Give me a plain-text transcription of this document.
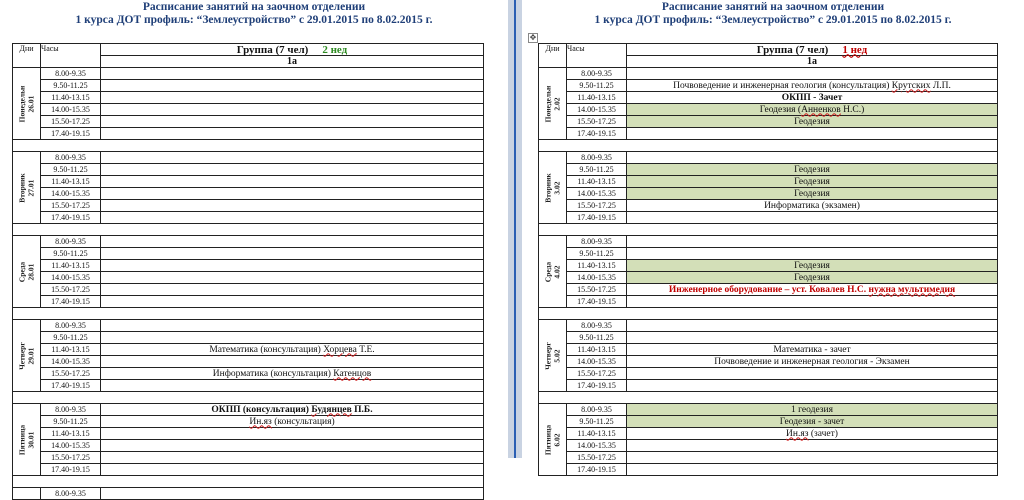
Расписание занятий на заочном отделении
1 курса ДОТ профиль: “Землеустройство” с 29.01.2015 по 8.02.2015 г.
Дни	Часы	Группа (7 чел) 2 нед
		1а

Понедельн 26.01	8.00-9.35	
	9.50-11.25	
	11.40-13.15	
	14.00-15.35	
	15.50-17.25	
	17.40-19.15	

Вторник 27.01	8.00-9.35	
	9.50-11.25	
	11.40-13.15	
	14.00-15.35	
	15.50-17.25	
	17.40-19.15	

Среда 28.01	8.00-9.35	
	9.50-11.25	
	11.40-13.15	
	14.00-15.35	
	15.50-17.25	
	17.40-19.15	

Четверг 29.01	8.00-9.35	
	9.50-11.25	
	11.40-13.15	Математика (консультация) Хорцева Т.Е.
	14.00-15.35	
	15.50-17.25	Информатика (консультация) Катенцов
	17.40-19.15	

Пятница 30.01	8.00-9.35	ОКПП (консультация) Будянцев П.Б.
	9.50-11.25	Ин.яз (консультация)
	11.40-13.15	
	14.00-15.35	
	15.50-17.25	
	17.40-19.15	

	8.00-9.35	
Расписание занятий на заочном отделении
1 курса ДОТ профиль: “Землеустройство” с 29.01.2015 по 8.02.2015 г.
✥
Дни	Часы	Группа (7 чел) 1 нед
		1а

Понедельн 2.02	8.00-9.35	
	9.50-11.25	Почвоведение и инженерная геология (консультация) Крутских Л.П.
	11.40-13.15	ОКПП - Зачет
	14.00-15.35	Геодезия (Анненков Н.С.)
	15.50-17.25	Геодезия
	17.40-19.15	

Вторник 3.02	8.00-9.35	
	9.50-11.25	Геодезия
	11.40-13.15	Геодезия
	14.00-15.35	Геодезия
	15.50-17.25	Информатика (экзамен)
	17.40-19.15	

Среда 4.02	8.00-9.35	
	9.50-11.25	
	11.40-13.15	Геодезия
	14.00-15.35	Геодезия
	15.50-17.25	Инженерное оборудование – уст. Ковалев Н.С. нужна мультимедия
	17.40-19.15	

Четверг 5.02	8.00-9.35	
	9.50-11.25	
	11.40-13.15	Математика - зачет
	14.00-15.35	Почвоведение и инженерная геология - Экзамен
	15.50-17.25	
	17.40-19.15	

Пятница 6.02	8.00-9.35	1 геодезия
	9.50-11.25	Геодезия - зачет
	11.40-13.15	Ин.яз (зачет)
	14.00-15.35	
	15.50-17.25	
	17.40-19.15	
